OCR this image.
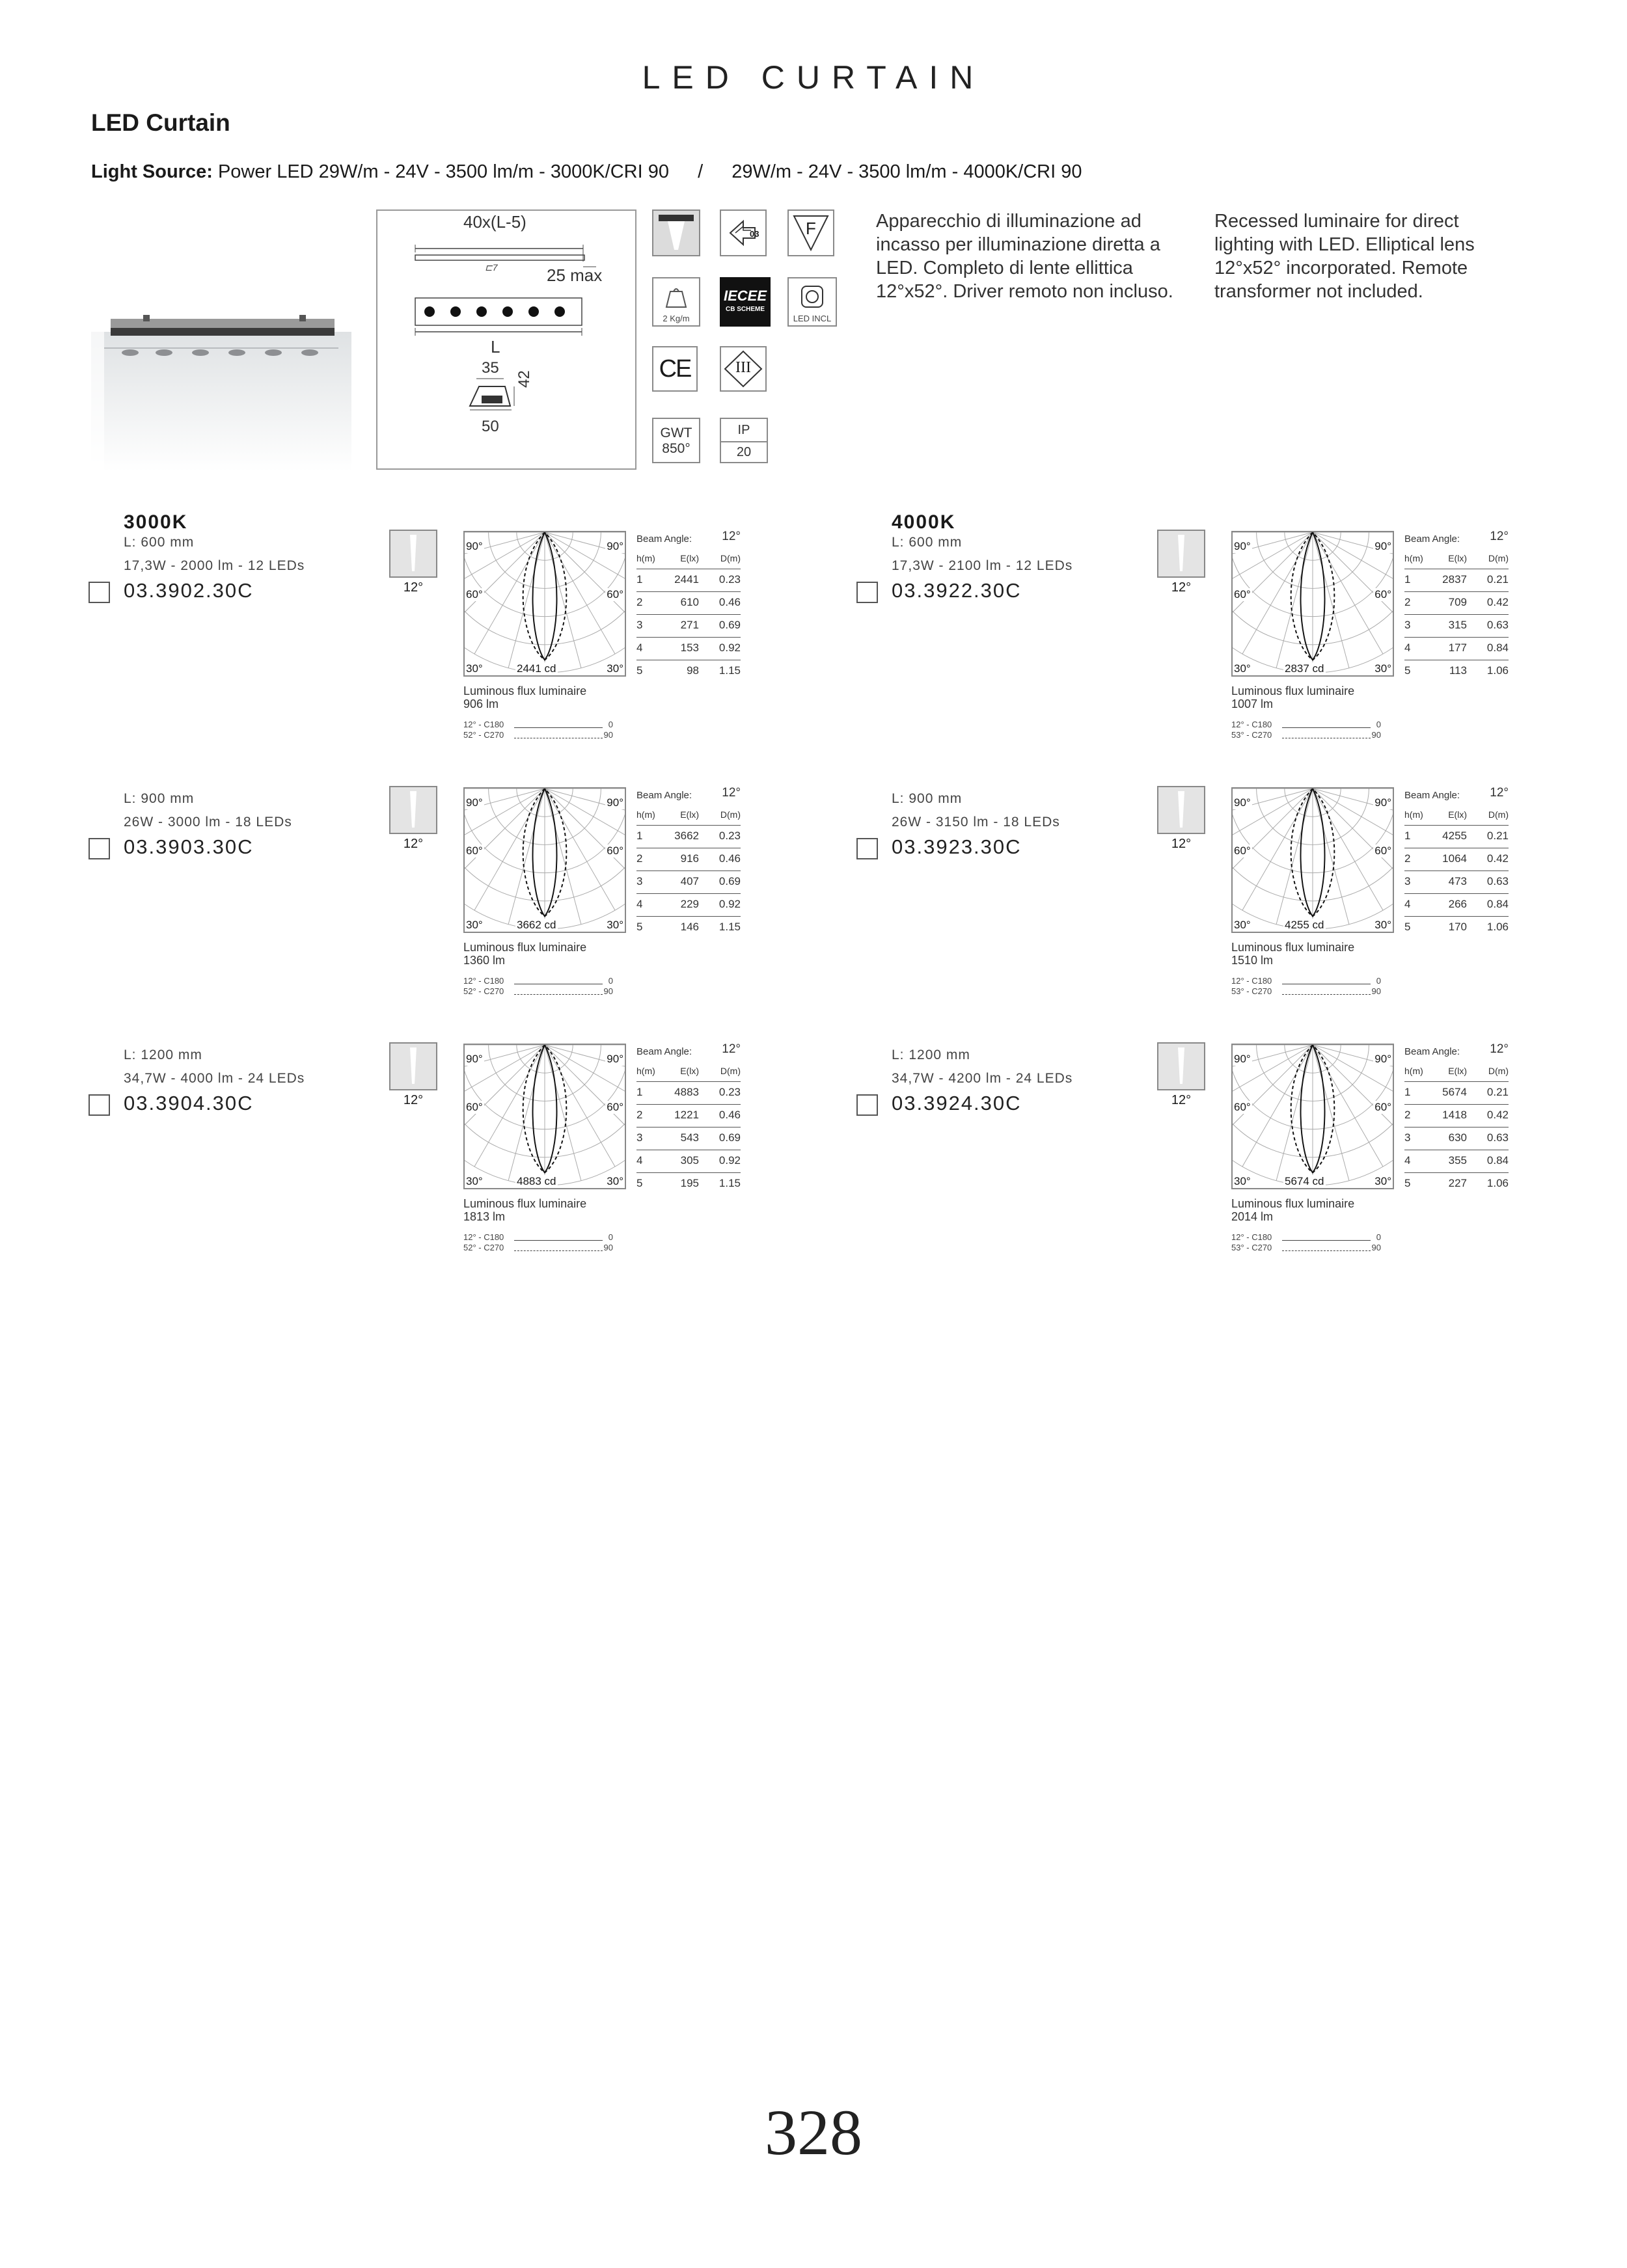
LED CURTAIN
LED Curtain
Light Source: Power LED 29W/m - 24V - 3500 lm/m - 3000K/CRI 90 / 29W/m - 24V - 3500 lm/m - 4000K/CRI 90
⊏7
40x(L-5)
25 max
L
35
42
50
2 Kg/m
CE
GWT
850°
03
IECEE
CB SCHEME
III
IP
20
F
LED INCL
Apparecchio di illuminazione ad incasso per illuminazione diretta a LED. Completo di lente ellittica 12°x52°. Driver remoto non incluso.
Recessed luminaire for direct lighting with LED. Elliptical lens 12°x52° incorporated. Remote transformer not included.
3000K
L: 600 mm
17,3W - 2000 lm - 12 LEDs
03.3902.30C	12°
90°	90°
60°	60°
30°	30°
2441 cd
Luminous flux luminaire
906 lm
12° - C180	0
52° - C270	90
Beam Angle: 12°
h(m)	E(lx) D(m)
1	2441 0.23
2	610 0.46
3	271 0.69
4	153 0.92
5	98 1.15
4000K
L: 600 mm
17,3W - 2100 lm - 12 LEDs
03.3922.30C	12°
90°	90°
60°	60°
30°	30°
2837 cd
Luminous flux luminaire
1007 lm
12° - C180	0
53° - C270	90
Beam Angle: 12°
h(m)	E(lx) D(m)
1	2837 0.21
2	709 0.42
3	315 0.63
4	177 0.84
5	113 1.06
L: 900 mm
26W - 3000 lm - 18 LEDs
03.3903.30C	12°
90°	90°
60°	60°
30°	30°
3662 cd
Luminous flux luminaire
1360 lm
12° - C180	0
52° - C270	90
Beam Angle: 12°
h(m)	E(lx) D(m)
1	3662 0.23
2	916 0.46
3	407 0.69
4	229 0.92
5	146 1.15
L: 900 mm
26W - 3150 lm - 18 LEDs
03.3923.30C	12°
90°	90°
60°	60°
30°	30°
4255 cd
Luminous flux luminaire
1510 lm
12° - C180	0
53° - C270	90
Beam Angle: 12°
h(m)	E(lx) D(m)
1	4255 0.21
2	1064 0.42
3	473 0.63
4	266 0.84
5	170 1.06
L: 1200 mm
34,7W - 4000 lm - 24 LEDs
03.3904.30C	12°
90°	90°
60°	60°
30°	30°
4883 cd
Luminous flux luminaire
1813 lm
12° - C180	0
52° - C270	90
Beam Angle: 12°
h(m)	E(lx) D(m)
1	4883 0.23
2	1221 0.46
3	543 0.69
4	305 0.92
5	195 1.15
L: 1200 mm
34,7W - 4200 lm - 24 LEDs
03.3924.30C	12°
90°	90°
60°	60°
30°	30°
5674 cd
Luminous flux luminaire
2014 lm
12° - C180	0
53° - C270	90
Beam Angle: 12°
h(m)	E(lx) D(m)
1	5674 0.21
2	1418 0.42
3	630 0.63
4	355 0.84
5	227 1.06
328
